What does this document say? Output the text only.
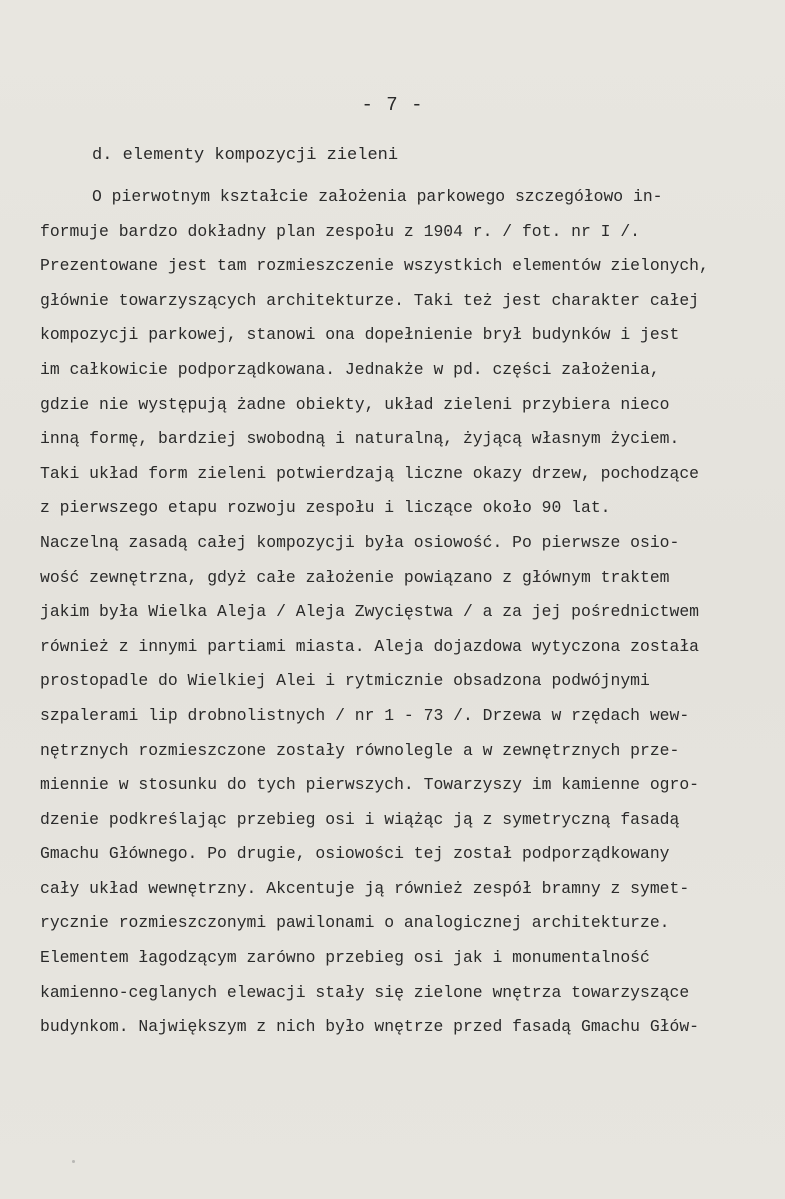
- 7 -
d. elementy kompozycji zieleni
O pierwotnym kształcie założenia parkowego szczegółowo in-
formuje bardzo dokładny plan zespołu z 1904 r. / fot. nr I /.
Prezentowane jest tam rozmieszczenie wszystkich elementów zielonych,
głównie towarzyszących architekturze. Taki też jest charakter całej
kompozycji parkowej, stanowi ona dopełnienie brył budynków i jest
im całkowicie podporządkowana. Jednakże w pd. części założenia,
gdzie nie występują żadne obiekty, układ zieleni przybiera nieco
inną formę, bardziej swobodną i naturalną, żyjącą własnym życiem.
Taki układ form zieleni potwierdzają liczne okazy drzew, pochodzące
z pierwszego etapu rozwoju zespołu i liczące około 90 lat.
Naczelną zasadą całej kompozycji była osiowość. Po pierwsze osio-
wość zewnętrzna, gdyż całe założenie powiązano z głównym traktem
jakim była Wielka Aleja / Aleja Zwycięstwa / a za jej pośrednictwem
również z innymi partiami miasta. Aleja dojazdowa wytyczona została
prostopadle do Wielkiej Alei i rytmicznie obsadzona podwójnymi
szpalerami lip drobnolistnych / nr 1 - 73 /. Drzewa w rzędach wew-
nętrznych rozmieszczone zostały równolegle a w zewnętrznych prze-
miennie w stosunku do tych pierwszych. Towarzyszy im kamienne ogro-
dzenie podkreślając przebieg osi i wiążąc ją z symetryczną fasadą
Gmachu Głównego. Po drugie, osiowości tej został podporządkowany
cały układ wewnętrzny. Akcentuje ją również zespół bramny z symet-
rycznie rozmieszczonymi pawilonami o analogicznej architekturze.
Elementem łagodzącym zarówno przebieg osi jak i monumentalność
kamienno-ceglanych elewacji stały się zielone wnętrza towarzyszące
budynkom. Największym z nich było wnętrze przed fasadą Gmachu Głów-
